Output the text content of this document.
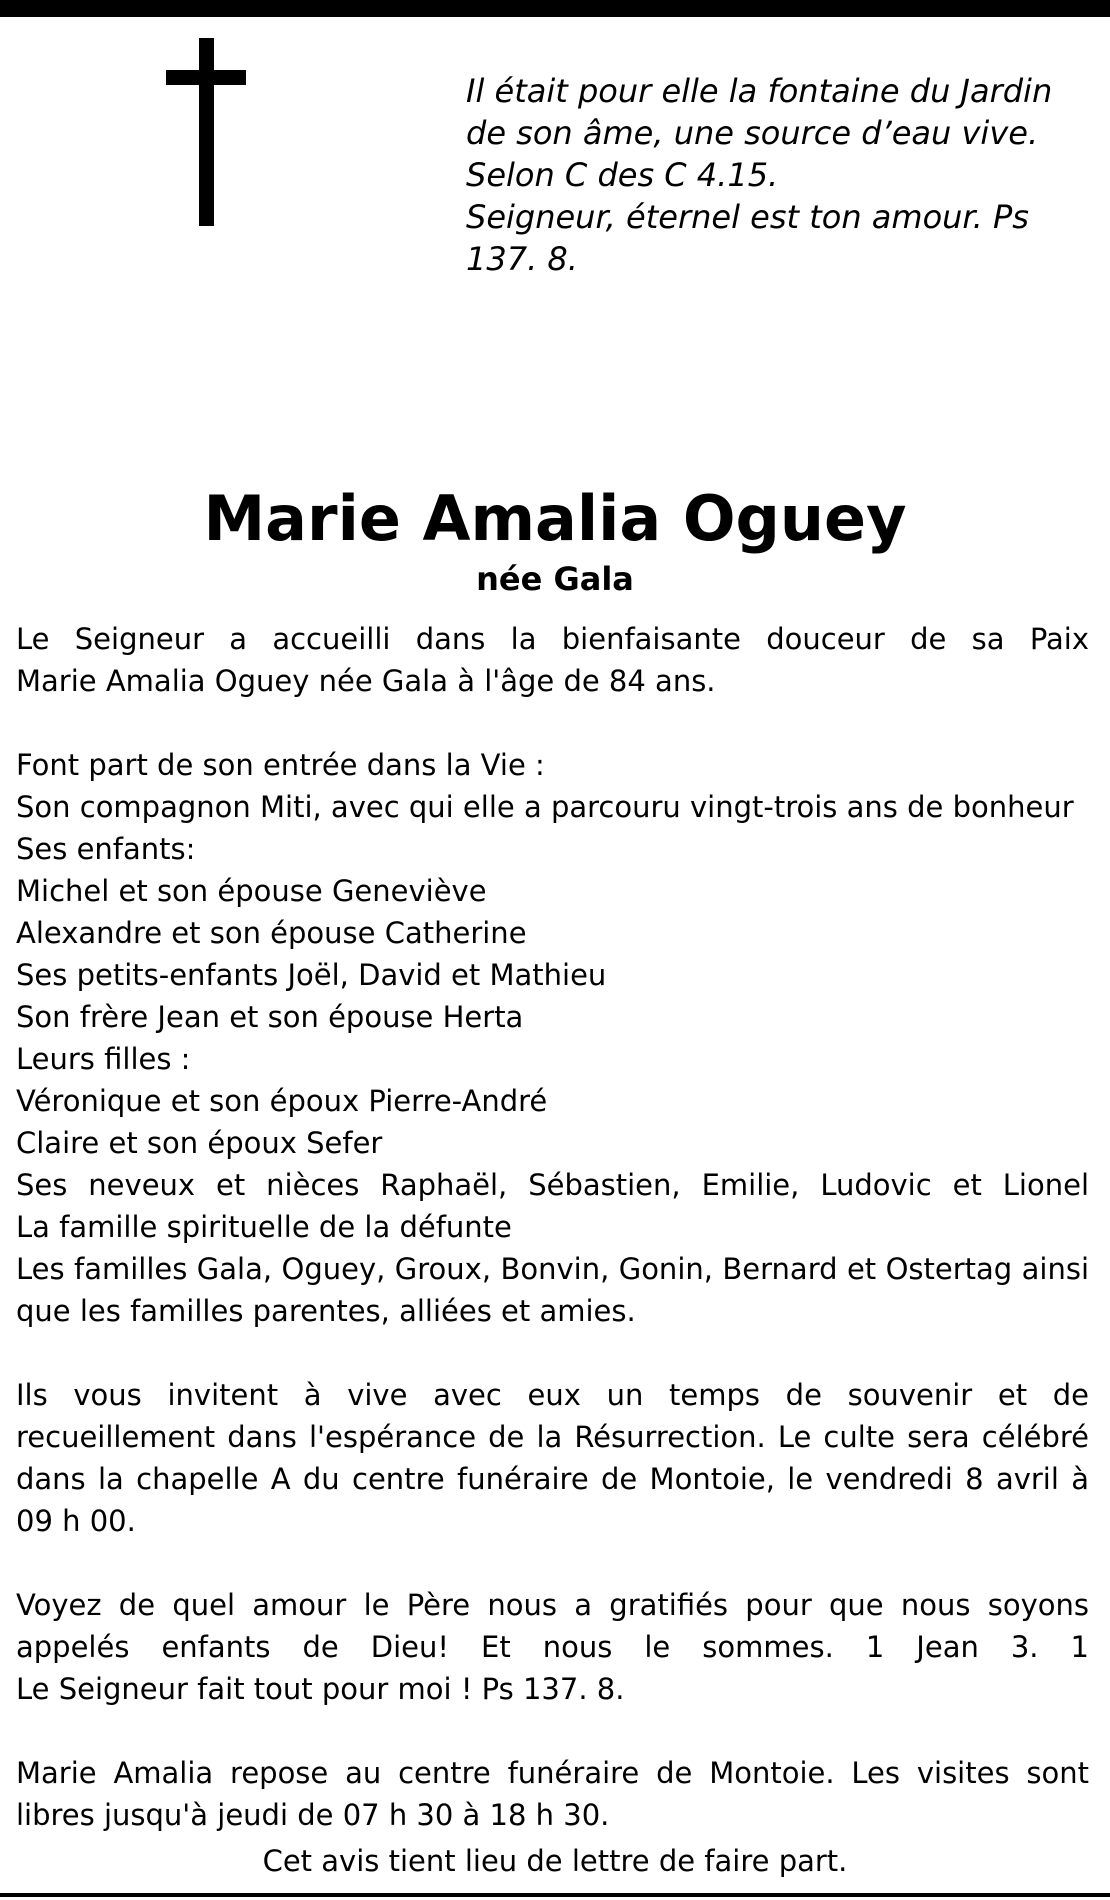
Il était pour elle la fontaine du Jardin
de son âme, une source d’eau vive.
Selon C des C 4.15.
Seigneur, éternel est ton amour. Ps
137. 8.
Marie Amalia Oguey
née Gala
Le Seigneur a accueilli dans la bienfaisante douceur de sa Paix
Marie Amalia Oguey née Gala à l'âge de 84 ans.
Font part de son entrée dans la Vie :
Son compagnon Miti, avec qui elle a parcouru vingt-trois ans de bonheur
Ses enfants:
Michel et son épouse Geneviève
Alexandre et son épouse Catherine
Ses petits-enfants Joël, David et Mathieu
Son frère Jean et son épouse Herta
Leurs filles :
Véronique et son époux Pierre-André
Claire et son époux Sefer
Ses neveux et nièces Raphaël, Sébastien, Emilie, Ludovic et Lionel
La famille spirituelle de la défunte
Les familles Gala, Oguey, Groux, Bonvin, Gonin, Bernard et Ostertag ainsi
que les familles parentes, alliées et amies.
Ils vous invitent à vive avec eux un temps de souvenir et de
recueillement dans l'espérance de la Résurrection. Le culte sera célébré
dans la chapelle A du centre funéraire de Montoie, le vendredi 8 avril à
09 h 00.
Voyez de quel amour le Père nous a gratifiés pour que nous soyons
appelés enfants de Dieu! Et nous le sommes. 1 Jean 3. 1
Le Seigneur fait tout pour moi ! Ps 137. 8.
Marie Amalia repose au centre funéraire de Montoie. Les visites sont
libres jusqu'à jeudi de 07 h 30 à 18 h 30.
Cet avis tient lieu de lettre de faire part.
